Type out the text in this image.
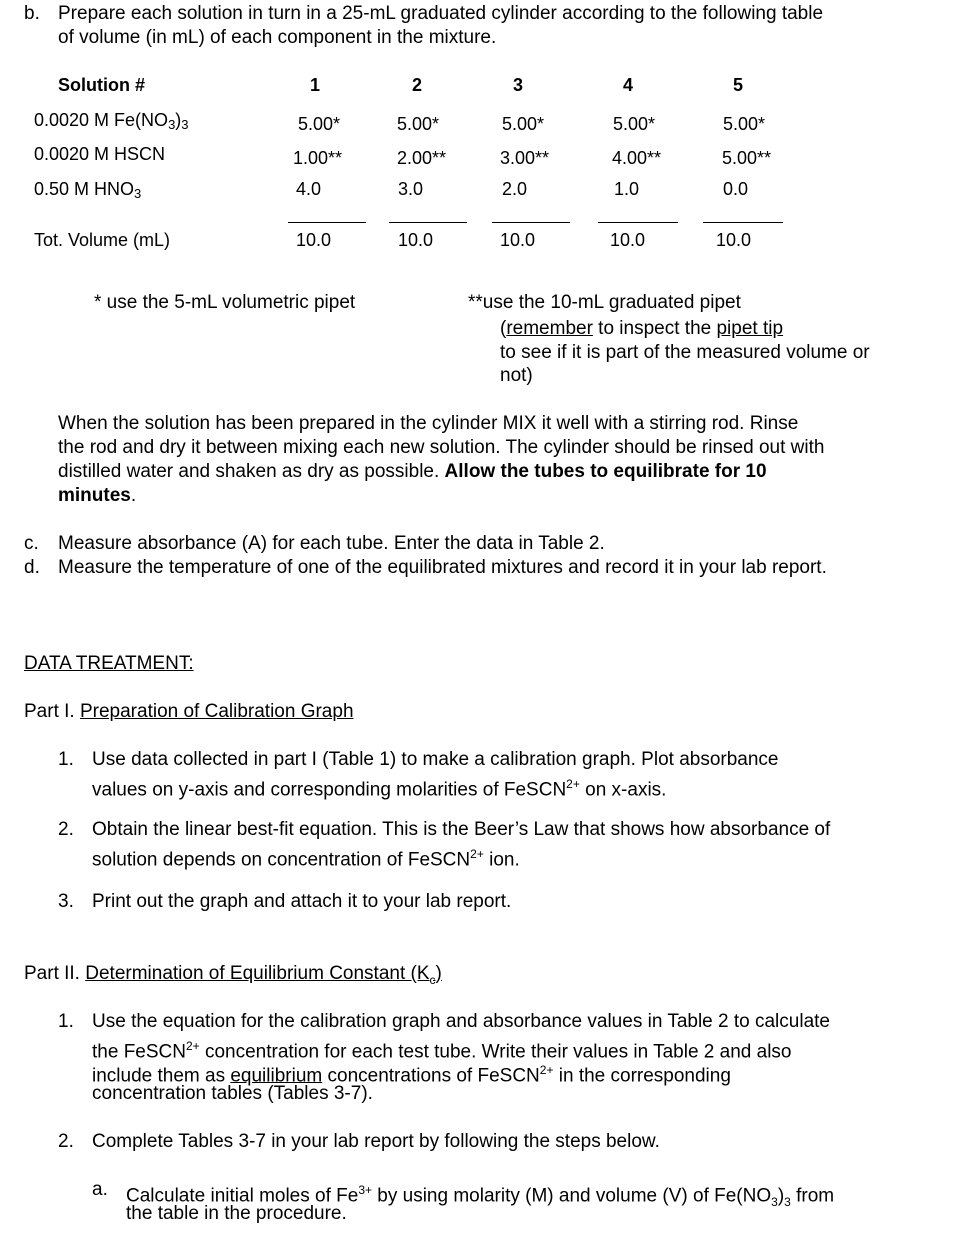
b. Prepare each solution in turn in a 25-mL graduated cylinder according to the following table
of volume (in mL) of each component in the mixture.
Solution #	1	2	3	4	5
0.0020 M Fe(NO3)3	5.00*	5.00*	5.00*	5.00*	5.00*
0.0020 M HSCN	1.00**	2.00**	3.00**	4.00**	5.00**
0.50 M HNO3	4.0	3.0	2.0	1.0	0.0
Tot. Volume (mL)	10.0	10.0	10.0	10.0	10.0
* use the 5-mL volumetric pipet	**use the 10-mL graduated pipet
(remember to inspect the pipet tip
to see if it is part of the measured volume or
not)
When the solution has been prepared in the cylinder MIX it well with a stirring rod. Rinse
the rod and dry it between mixing each new solution. The cylinder should be rinsed out with
distilled water and shaken as dry as possible. Allow the tubes to equilibrate for 10
minutes.
c. Measure absorbance (A) for each tube. Enter the data in Table 2.
d. Measure the temperature of one of the equilibrated mixtures and record it in your lab report.
DATA TREATMENT:
Part I. Preparation of Calibration Graph
1. Use data collected in part I (Table 1) to make a calibration graph. Plot absorbance
values on y-axis and corresponding molarities of FeSCN$^{2+}$ on x-axis.
2. Obtain the linear best-fit equation. This is the Beer’s Law that shows how absorbance of
solution depends on concentration of FeSCN$^{2+}$ ion.
3. Print out the graph and attach it to your lab report.
Part II. Determination of Equilibrium Constant $(K_c)$
1. Use the equation for the calibration graph and absorbance values in Table 2 to calculate
the FeSCN$^{2+}$ concentration for each test tube. Write their values in Table 2 and also
include them as equilibrium concentrations of FeSCN$^{2+}$ in the corresponding
concentration tables (Tables 3-7).
2. Complete Tables 3-7 in your lab report by following the steps below.
a. Calculate initial moles of $Fe^{3+}$ by using molarity (M) and volume (V) of $Fe(NO_3)_3$ from
the table in the procedure.
